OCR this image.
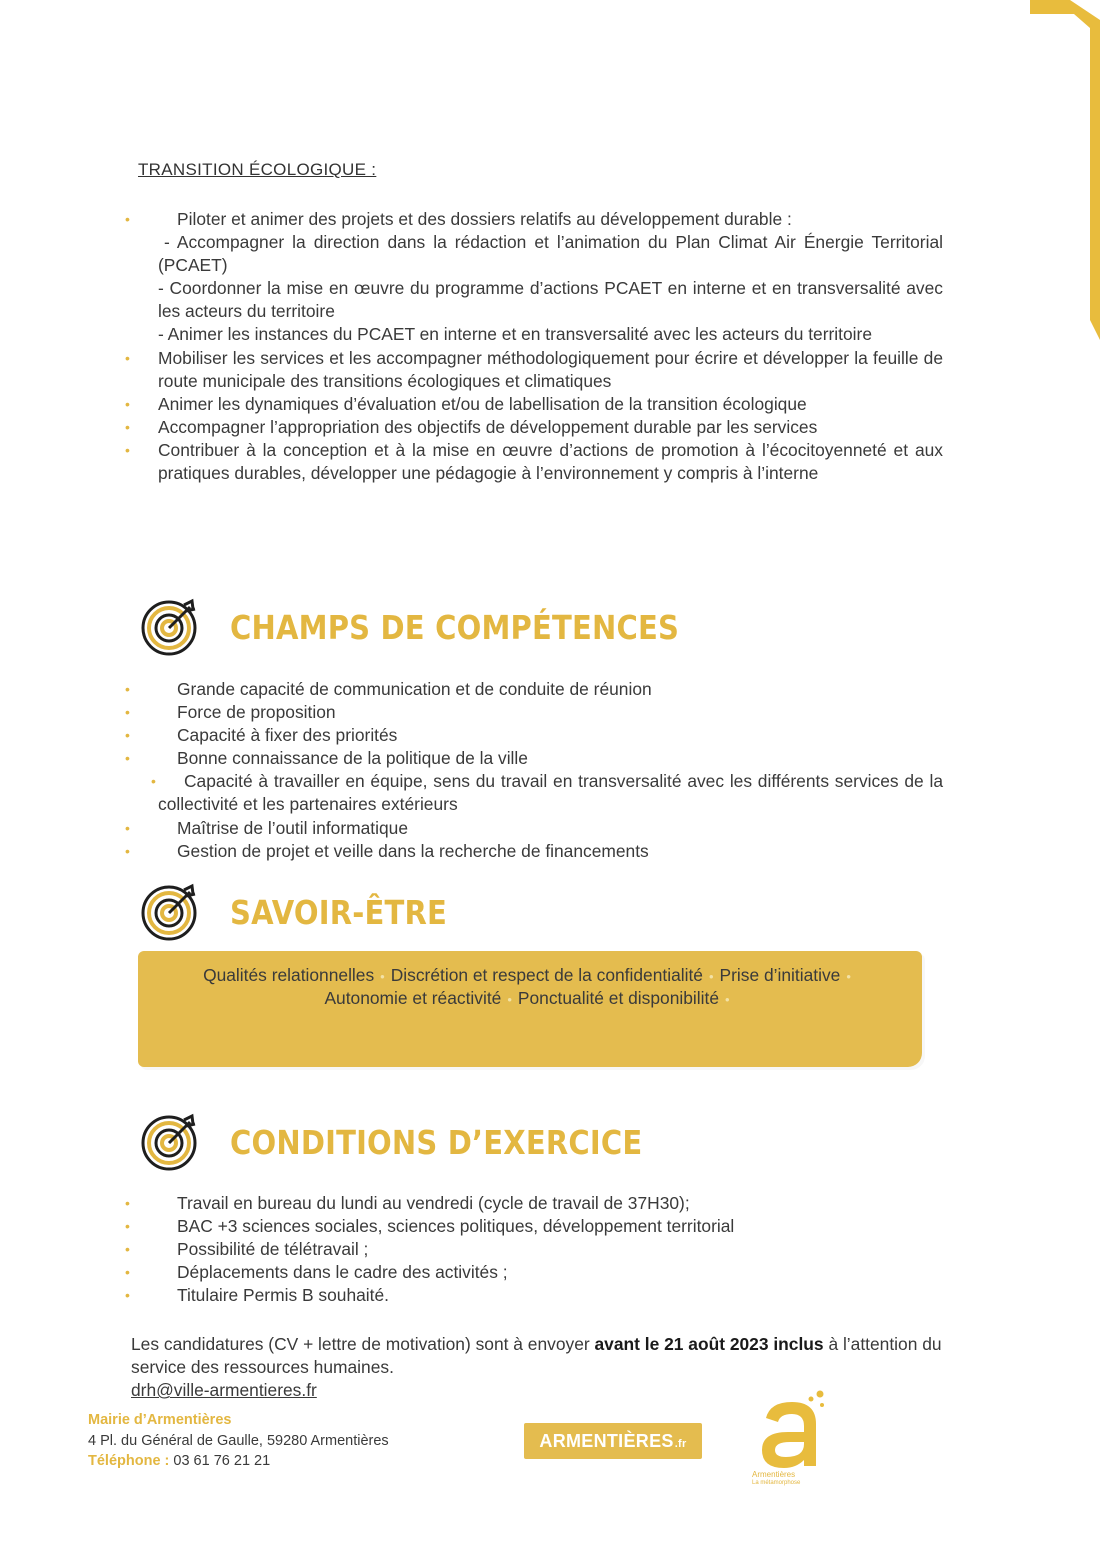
TRANSITION ÉCOLOGIQUE :
• Piloter et animer des projets et des dossiers relatifs au développement durable :
- Accompagner la direction dans la rédaction et l’animation du Plan Climat Air Énergie Territorial (PCAET)
- Coordonner la mise en œuvre du programme d’actions PCAET en interne et en transversalité avec les acteurs du territoire
- Animer les instances du PCAET en interne et en transversalité avec les acteurs du territoire
• Mobiliser les services et les accompagner méthodologiquement pour écrire et développer la feuille de route municipale des transitions écologiques et climatiques
• Animer les dynamiques d’évaluation et/ou de labellisation de la transition écologique
• Accompagner l’appropriation des objectifs de développement durable par les services
• Contribuer à la conception et à la mise en œuvre d’actions de promotion à l’écocitoyenneté et aux pratiques durables, développer une pédagogie à l’environnement y compris à l’interne
CHAMPS DE COMPÉTENCES
• Grande capacité de communication et de conduite de réunion
• Force de proposition
• Capacité à fixer des priorités
• Bonne connaissance de la politique de la ville
• Capacité à travailler en équipe, sens du travail en transversalité avec les différents services de la collectivité et les partenaires extérieurs
• Maîtrise de l’outil informatique
• Gestion de projet et veille dans la recherche de financements
SAVOIR-ÊTRE
Qualités relationnelles • Discrétion et respect de la confidentialité • Prise d’initiative •
Autonomie et réactivité • Ponctualité et disponibilité •
CONDITIONS D’EXERCICE
• Travail en bureau du lundi au vendredi (cycle de travail de 37H30);
• BAC +3 sciences sociales, sciences politiques, développement territorial
• Possibilité de télétravail ;
• Déplacements dans le cadre des activités ;
• Titulaire Permis B souhaité.
Les candidatures (CV + lettre de motivation) sont à envoyer avant le 21 août 2023 inclus à l’attention du service des ressources humaines.
drh@ville-armentieres.fr
Mairie d’Armentières
4 Pl. du Général de Gaulle, 59280 Armentières
Téléphone : 03 61 76 21 21
ARMENTIÈRES .fr
Armentières
La métamorphose
